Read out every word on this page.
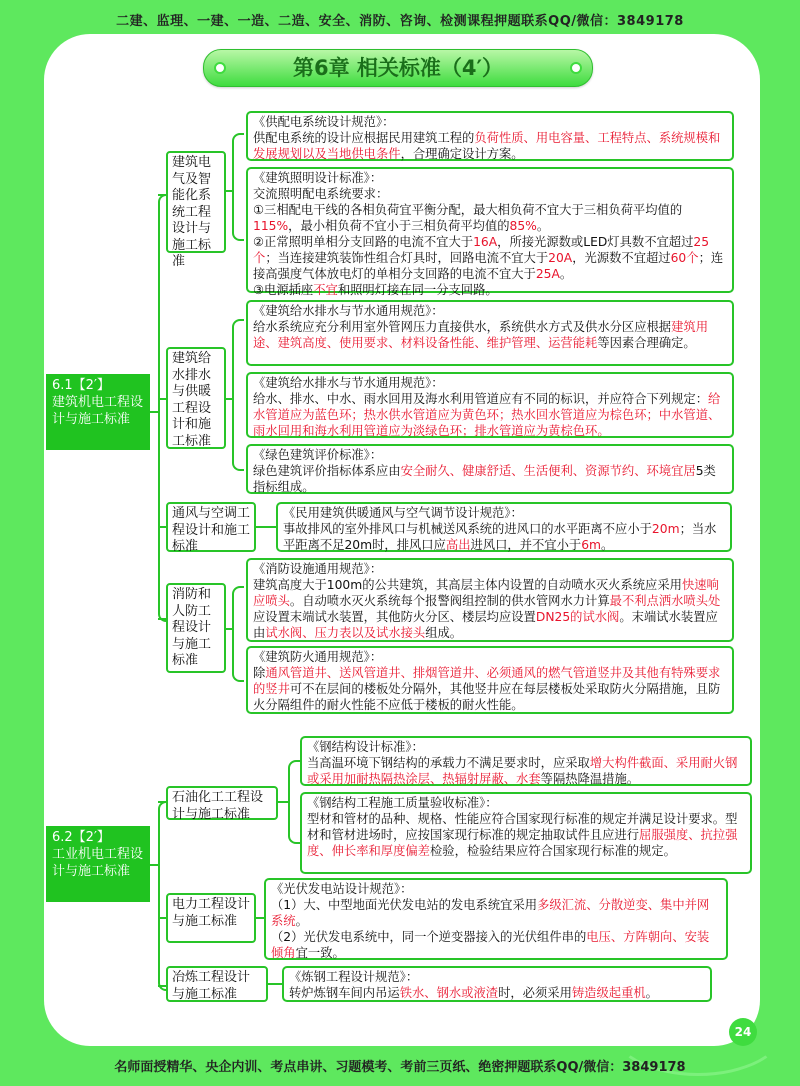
二建、监理、一建、一造、二造、安全、消防、咨询、检测课程押题联系QQ/微信：3849178
第6章 相关标准（4′）
6.1【2′】
建筑机电工程设计与施工标准
建筑电气及智能化系统工程设计与施工标准
《供配电系统设计规范》：
供配电系统的设计应根据民用建筑工程的负荷性质、用电容量、工程特点、系统规模和发展规划以及当地供电条件，合理确定设计方案。
《建筑照明设计标准》：
交流照明配电系统要求：
①三相配电干线的各相负荷宜平衡分配，最大相负荷不宜大于三相负荷平均值的115%，最小相负荷不宜小于三相负荷平均值的85%。
②正常照明单相分支回路的电流不宜大于16A，所接光源数或LED灯具数不宜超过25个；当连接建筑装饰性组合灯具时，回路电流不宜大于20A，光源数不宜超过60个；连接高强度气体放电灯的单相分支回路的电流不宜大于25A。
③电源插座不宜和照明灯接在同一分支回路。
建筑给水排水与供暖工程设计和施工标准
《建筑给水排水与节水通用规范》：
给水系统应充分利用室外管网压力直接供水，系统供水方式及供水分区应根据建筑用途、建筑高度、使用要求、材料设备性能、维护管理、运营能耗等因素合理确定。
《建筑给水排水与节水通用规范》：
给水、排水、中水、雨水回用及海水利用管道应有不同的标识，并应符合下列规定：给水管道应为蓝色环；热水供水管道应为黄色环；热水回水管道应为棕色环；中水管道、雨水回用和海水利用管道应为淡绿色环；排水管道应为黄棕色环。
《绿色建筑评价标准》：
绿色建筑评价指标体系应由安全耐久、健康舒适、生活便利、资源节约、环境宜居5类指标组成。
通风与空调工程设计和施工标准
《民用建筑供暖通风与空气调节设计规范》：
事故排风的室外排风口与机械送风系统的进风口的水平距离不应小于20m；当水平距离不足20m时，排风口应高出进风口，并不宜小于6m。
消防和人防工程设计与施工标准
《消防设施通用规范》：
建筑高度大于100m的公共建筑，其高层主体内设置的自动喷水灭火系统应采用快速响应喷头。自动喷水灭火系统每个报警阀组控制的供水管网水力计算最不利点洒水喷头处应设置末端试水装置，其他防火分区、楼层均应设置DN25的试水阀。末端试水装置应由试水阀、压力表以及试水接头组成。
《建筑防火通用规范》：
除通风管道井、送风管道井、排烟管道井、必须通风的燃气管道竖井及其他有特殊要求的竖井可不在层间的楼板处分隔外，其他竖井应在每层楼板处采取防火分隔措施，且防火分隔组件的耐火性能不应低于楼板的耐火性能。
6.2【2′】
工业机电工程设计与施工标准
石油化工工程设计与施工标准
《钢结构设计标准》：
当高温环境下钢结构的承载力不满足要求时，应采取增大构件截面、采用耐火钢或采用加耐热隔热涂层、热辐射屏蔽、水套等隔热降温措施。
《钢结构工程施工质量验收标准》：
型材和管材的品种、规格、性能应符合国家现行标准的规定并满足设计要求。型材和管材进场时，应按国家现行标准的规定抽取试件且应进行屈服强度、抗拉强度、伸长率和厚度偏差检验，检验结果应符合国家现行标准的规定。
电力工程设计与施工标准
《光伏发电站设计规范》：
（1）大、中型地面光伏发电站的发电系统宜采用多级汇流、分散逆变、集中并网系统。
（2）光伏发电系统中，同一个逆变器接入的光伏组件串的电压、方阵朝向、安装倾角宜一致。
冶炼工程设计与施工标准
《炼钢工程设计规范》：
转炉炼钢车间内吊运铁水、钢水或液渣时，必须采用铸造级起重机。
24
名师面授精华、央企内训、考点串讲、习题模考、考前三页纸、绝密押题联系QQ/微信：3849178
